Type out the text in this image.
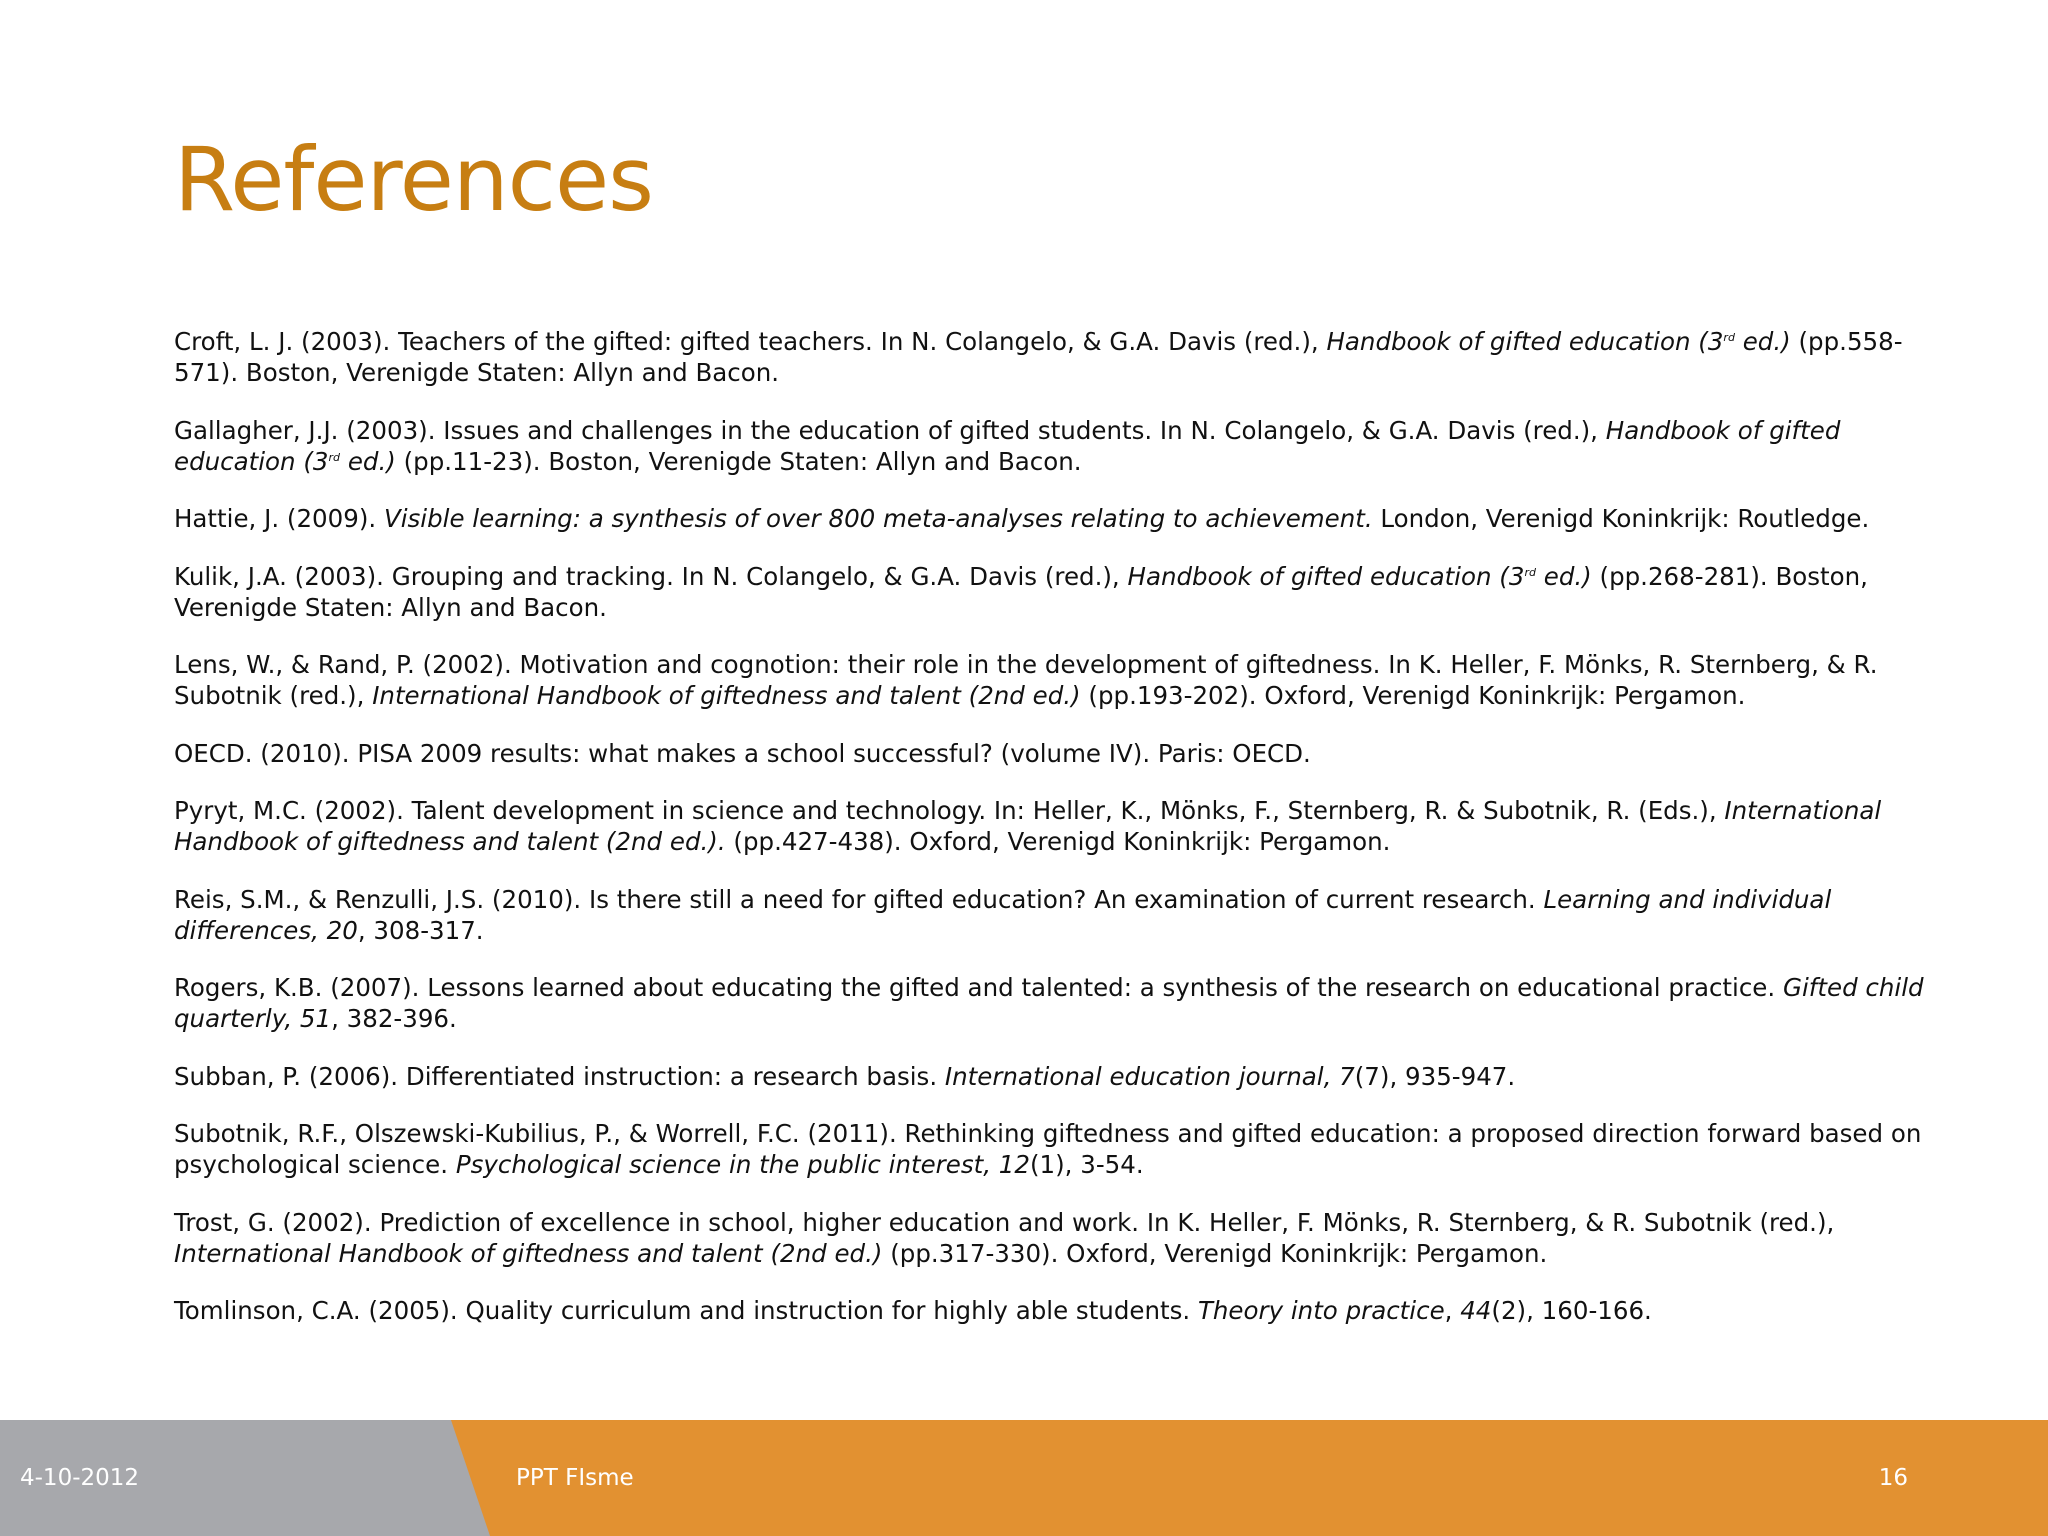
References

Croft, L. J. (2003). Teachers of the gifted: gifted teachers. In N. Colangelo, & G.A. Davis (red.), Handbook of gifted education (3rd ed.) (pp.558-571). Boston, Verenigde Staten: Allyn and Bacon.

Gallagher, J.J. (2003). Issues and challenges in the education of gifted students. In N. Colangelo, & G.A. Davis (red.), Handbook of gifted education (3rd ed.) (pp.11-23). Boston, Verenigde Staten: Allyn and Bacon.

Hattie, J. (2009). Visible learning: a synthesis of over 800 meta-analyses relating to achievement. London, Verenigd Koninkrijk: Routledge.

Kulik, J.A. (2003). Grouping and tracking. In N. Colangelo, & G.A. Davis (red.), Handbook of gifted education (3rd ed.) (pp.268-281). Boston, Verenigde Staten: Allyn and Bacon.

Lens, W., & Rand, P. (2002). Motivation and cognotion: their role in the development of giftedness. In K. Heller, F. Mönks, R. Sternberg, & R. Subotnik (red.), International Handbook of giftedness and talent (2nd ed.) (pp.193-202). Oxford, Verenigd Koninkrijk: Pergamon.

OECD. (2010). PISA 2009 results: what makes a school successful? (volume IV). Paris: OECD.

Pyryt, M.C. (2002). Talent development in science and technology. In: Heller, K., Mönks, F., Sternberg, R. & Subotnik, R. (Eds.), International Handbook of giftedness and talent (2nd ed.). (pp.427-438). Oxford, Verenigd Koninkrijk: Pergamon.

Reis, S.M., & Renzulli, J.S. (2010). Is there still a need for gifted education? An examination of current research. Learning and individual differences, 20, 308-317.

Rogers, K.B. (2007). Lessons learned about educating the gifted and talented: a synthesis of the research on educational practice. Gifted child quarterly, 51, 382-396.

Subban, P. (2006). Differentiated instruction: a research basis. International education journal, 7(7), 935-947.

Subotnik, R.F., Olszewski-Kubilius, P., & Worrell, F.C. (2011). Rethinking giftedness and gifted education: a proposed direction forward based on psychological science. Psychological science in the public interest, 12(1), 3-54.

Trost, G. (2002). Prediction of excellence in school, higher education and work. In K. Heller, F. Mönks, R. Sternberg, & R. Subotnik (red.), International Handbook of giftedness and talent (2nd ed.) (pp.317-330). Oxford, Verenigd Koninkrijk: Pergamon.

Tomlinson, C.A. (2005). Quality curriculum and instruction for highly able students. Theory into practice, 44(2), 160-166.

4-10-2012	PPT FIsme	16
